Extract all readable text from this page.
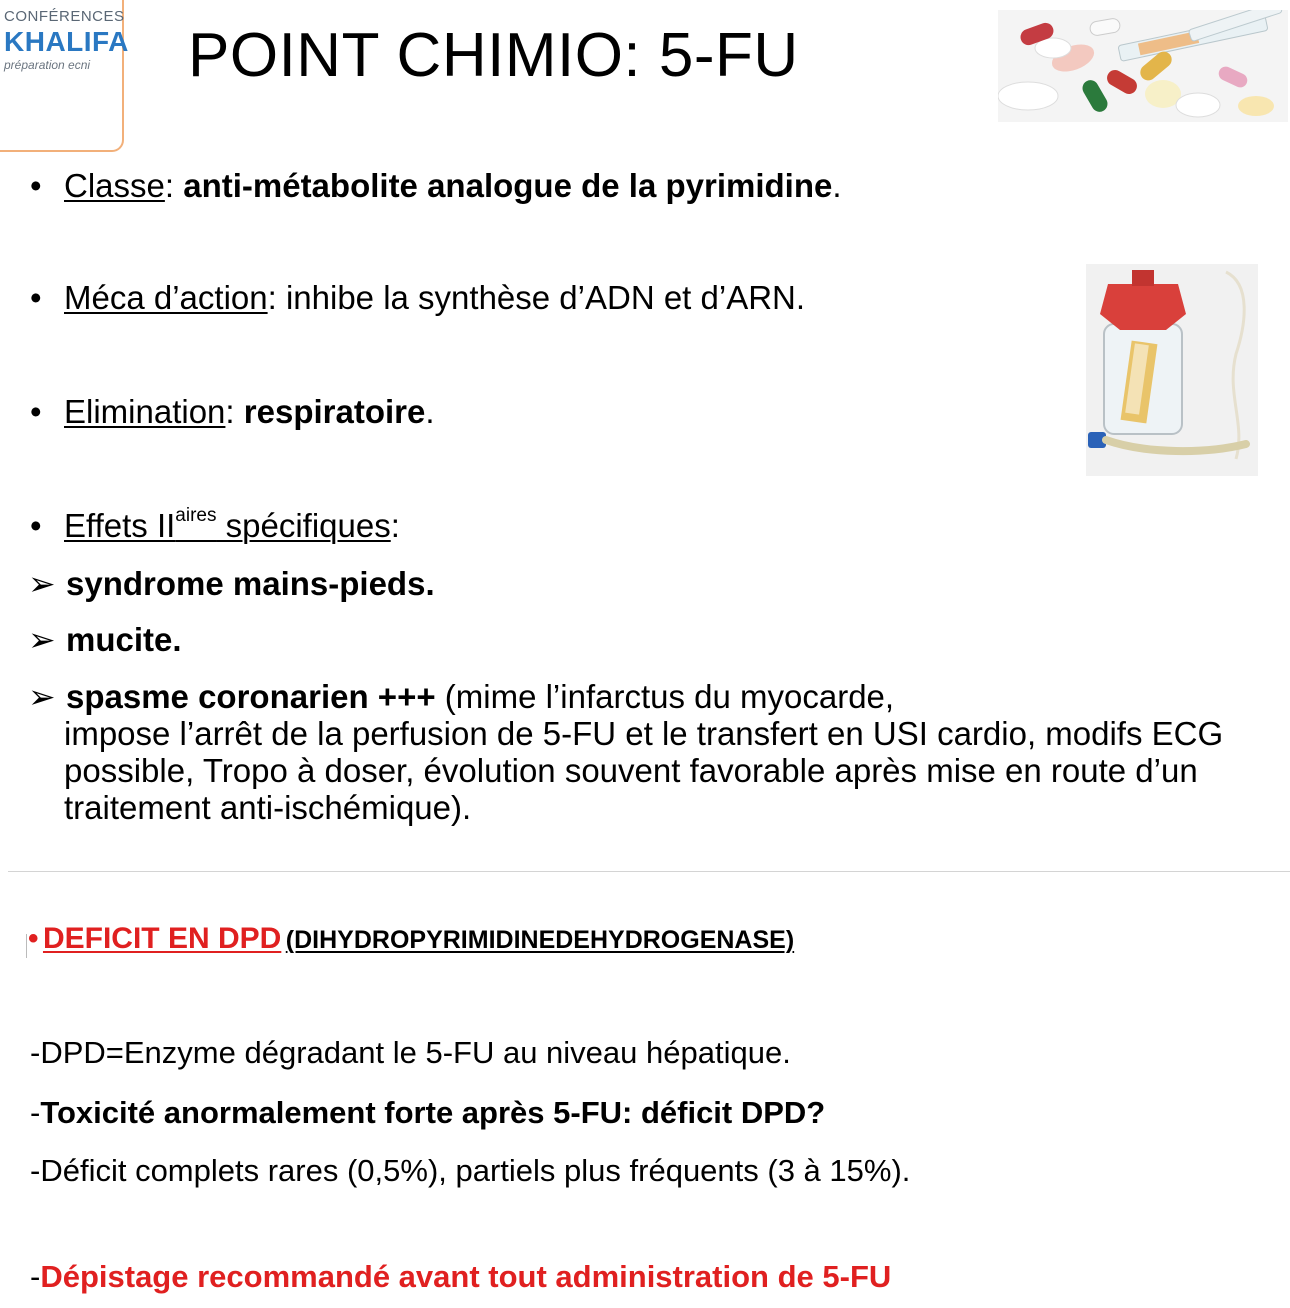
CONFÉRENCES
KHALIFA
préparation ecni POINT CHIMIO: 5-FU
• Classe: anti-métabolite analogue de la pyrimidine.
• Méca d’action: inhibe la synthèse d’ADN et d’ARN.
• Elimination: respiratoire.
• Effets $II^{aires}$ spécifiques:
➢ syndrome mains-pieds.
➢ mucite.
➢ spasme coronarien +++ (mime l’infarctus du myocarde,
impose l’arrêt de la perfusion de 5-FU et le transfert en USI cardio, modifs ECG possible, Tropo à doser, évolution souvent favorable après mise en route d’un traitement anti-ischémique).
• DEFICIT EN DPD (DIHYDROPYRIMIDINEDEHYDROGENASE)
-DPD=Enzyme dégradant le 5-FU au niveau hépatique.
-Toxicité anormalement forte après 5-FU: déficit DPD?
-Déficit complets rares (0,5%), partiels plus fréquents (3 à 15%).
-Dépistage recommandé avant tout administration de 5-FU
